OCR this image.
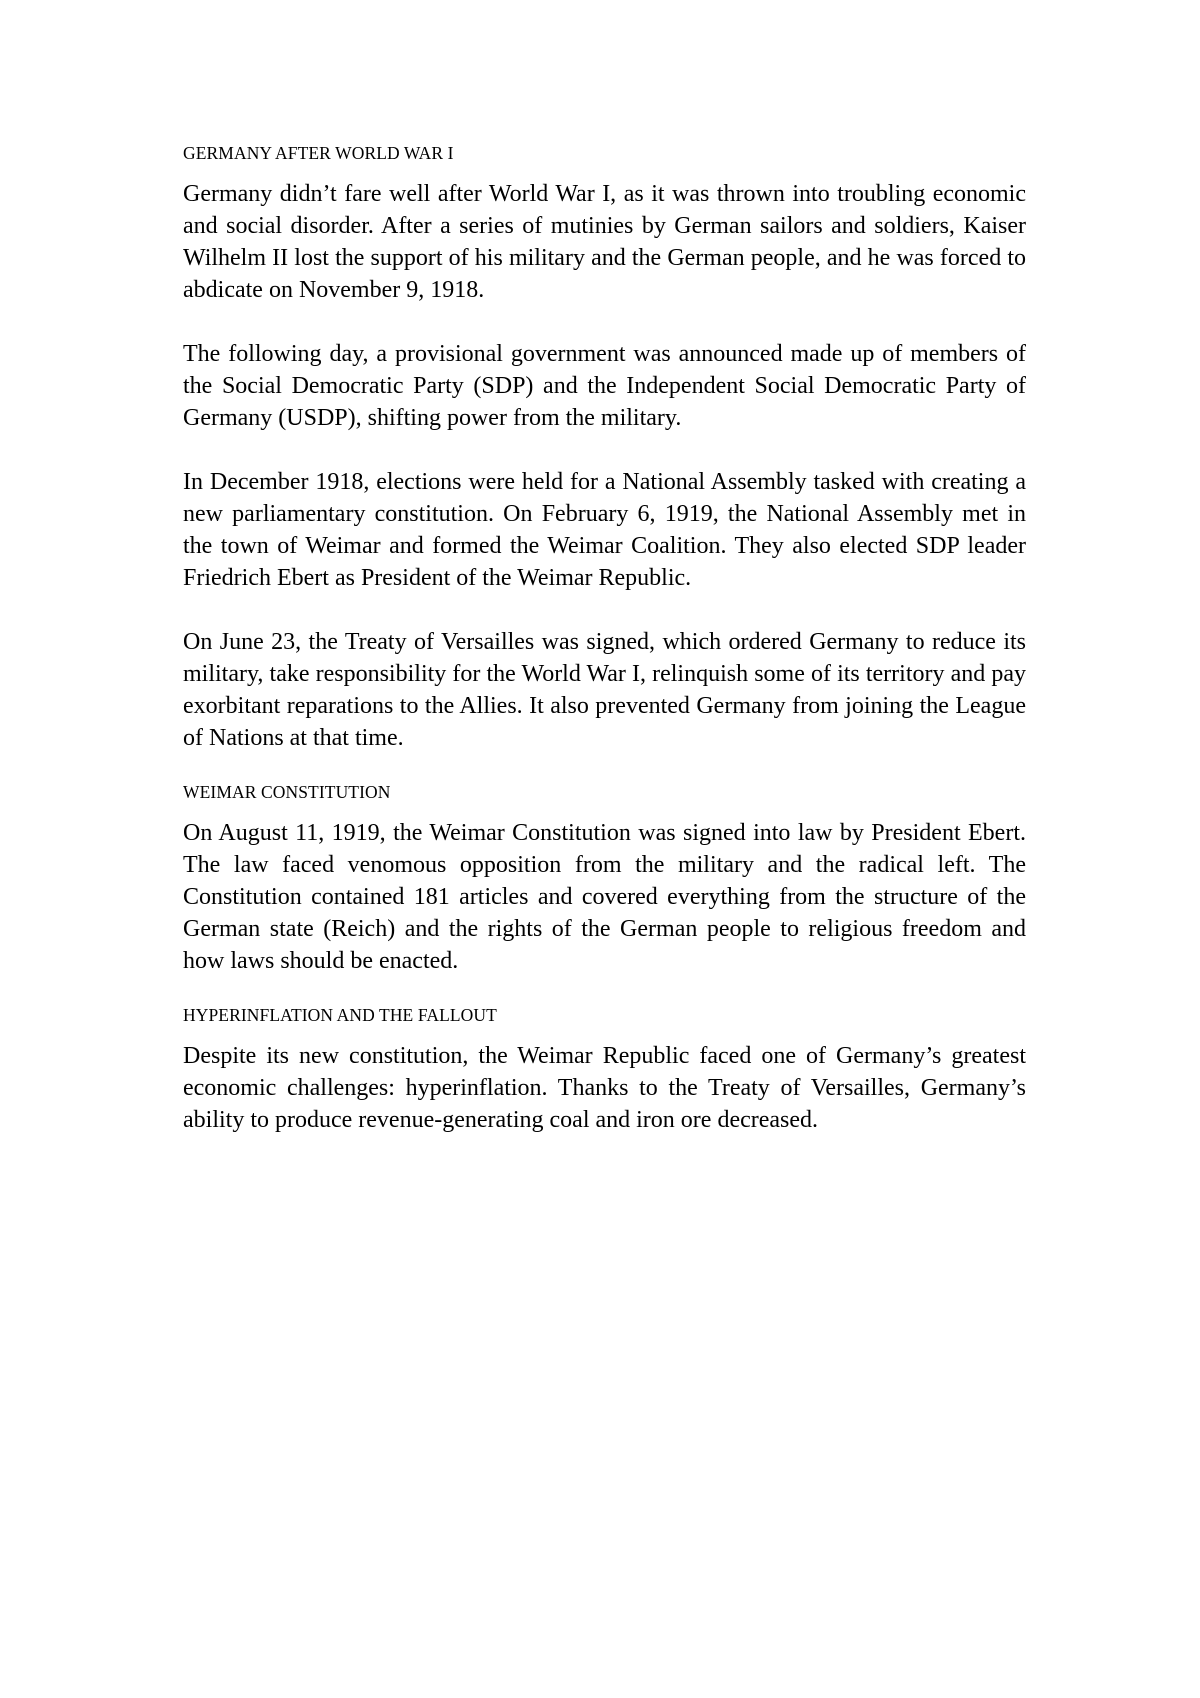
GERMANY AFTER WORLD WAR I

Germany didn’t fare well after World War I, as it was thrown into troubling economic and social disorder. After a series of mutinies by German sailors and soldiers, Kaiser Wilhelm II lost the support of his military and the German people, and he was forced to abdicate on November 9, 1918.

The following day, a provisional government was announced made up of members of the Social Democratic Party (SDP) and the Independent Social Democratic Party of Germany (USDP), shifting power from the military.

In December 1918, elections were held for a National Assembly tasked with creating a new parliamentary constitution. On February 6, 1919, the National Assembly met in the town of Weimar and formed the Weimar Coalition. They also elected SDP leader Friedrich Ebert as President of the Weimar Republic.

On June 23, the Treaty of Versailles was signed, which ordered Germany to reduce its military, take responsibility for the World War I, relinquish some of its territory and pay exorbitant reparations to the Allies. It also prevented Germany from joining the League of Nations at that time.

WEIMAR CONSTITUTION

On August 11, 1919, the Weimar Constitution was signed into law by President Ebert. The law faced venomous opposition from the military and the radical left. The Constitution contained 181 articles and covered everything from the structure of the German state (Reich) and the rights of the German people to religious freedom and how laws should be enacted.

HYPERINFLATION AND THE FALLOUT

Despite its new constitution, the Weimar Republic faced one of Germany’s greatest economic challenges: hyperinflation. Thanks to the Treaty of Versailles, Germany’s ability to produce revenue-generating coal and iron ore decreased.
